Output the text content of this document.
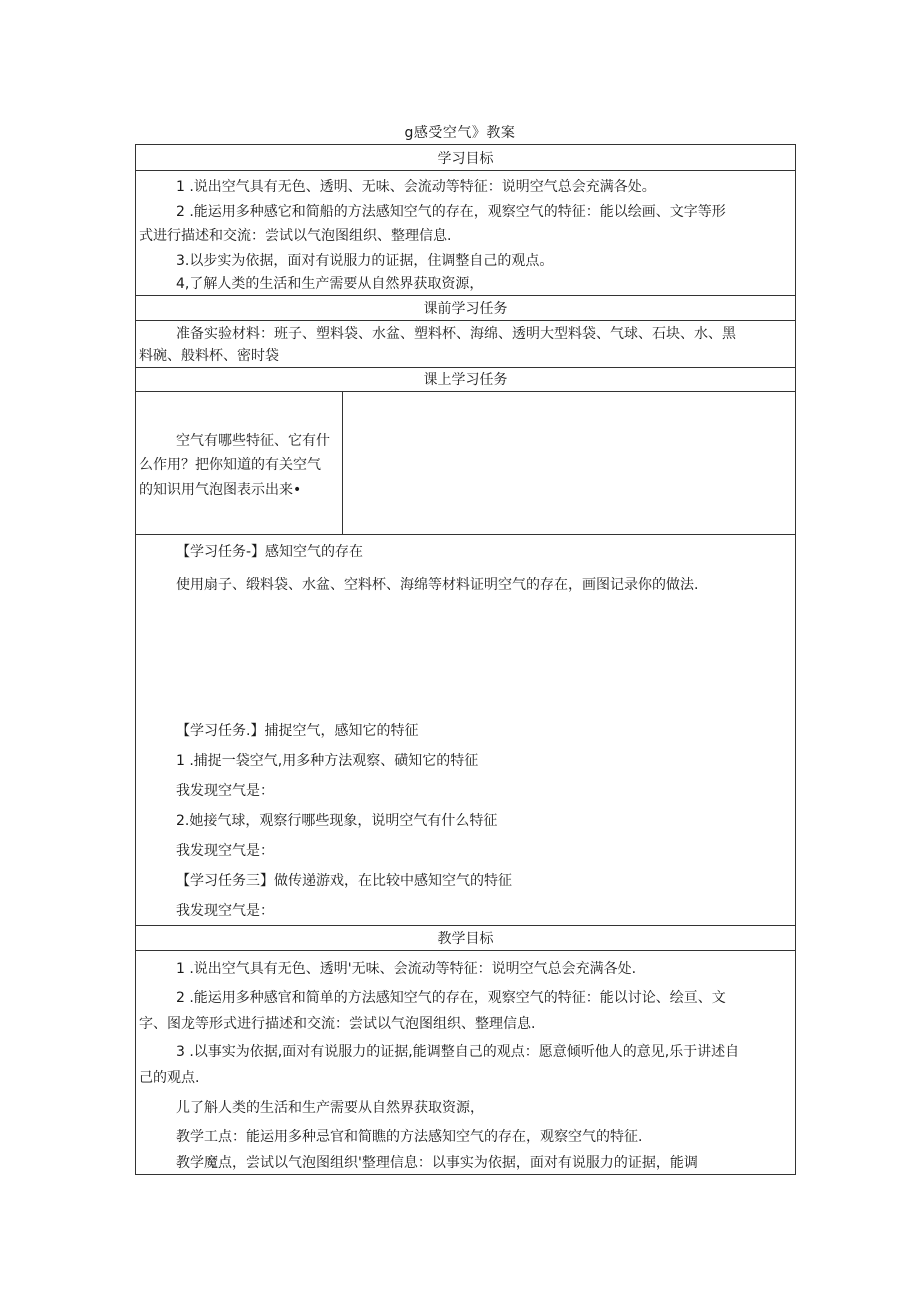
g感受空气》教案
学习目标
1 .说出空气具有无色、透明、无味、会流动等特征：说明空气总会充满各处。
2 .能运用多种感它和简船的方法感知空气的存在，观察空气的特征：能以绘画、文字等形
式进行描述和交流：尝试以气泡图组织、整理信息.
3.以步实为依据，面对有说服力的证据，住调整自己的观点。
4,了解人类的生活和生产需要从自然界获取资源，
课前学习任务
准备实验材料：班子、塑料袋、水盆、塑料杯、海绵、透明大型料袋、气球、石块、水、黑
料碗、般料杯、密时袋
课上学习任务
空气有哪些特征、它有什
么作用？把你知道的有关空气
的知识用气泡图表示出来•
【学习任务-】感知空气的存在
使用扇子、缎料袋、水盆、空料杯、海绵等材料证明空气的存在，画图记录你的做法.
【学习任务.】捕捉空气，感知它的特征
1 .捕捉一袋空气,用多种方法观察、磺知它的特征
我发现空气是：
2.她接气球，观察行哪些现象，说明空气有什么特征
我发现空气是：
【学习任务三】做传递游戏，在比较中感知空气的特征
我发现空气是：
教学目标
1 .说出空气具有无色、透明'无味、会流动等特征：说明空气总会充满各处.
2 .能运用多种感官和简单的方法感知空气的存在，观察空气的特征：能以讨论、绘亘、文
字、图龙等形式进行描述和交流：尝试以气泡图组织、整理信息.
3 .以事实为依据,面对有说服力的证据,能调整自己的观点：愿意倾听他人的意见,乐于讲述自
己的观点.
儿了斛人类的生活和生产需要从自然界获取资源，
教学工点：能运用多种忌官和简瞧的方法感知空气的存在，观察空气的特征.
教学魔点，尝试以气泡图组织'整理信息：以事实为依据，面对有说服力的证据，能调
